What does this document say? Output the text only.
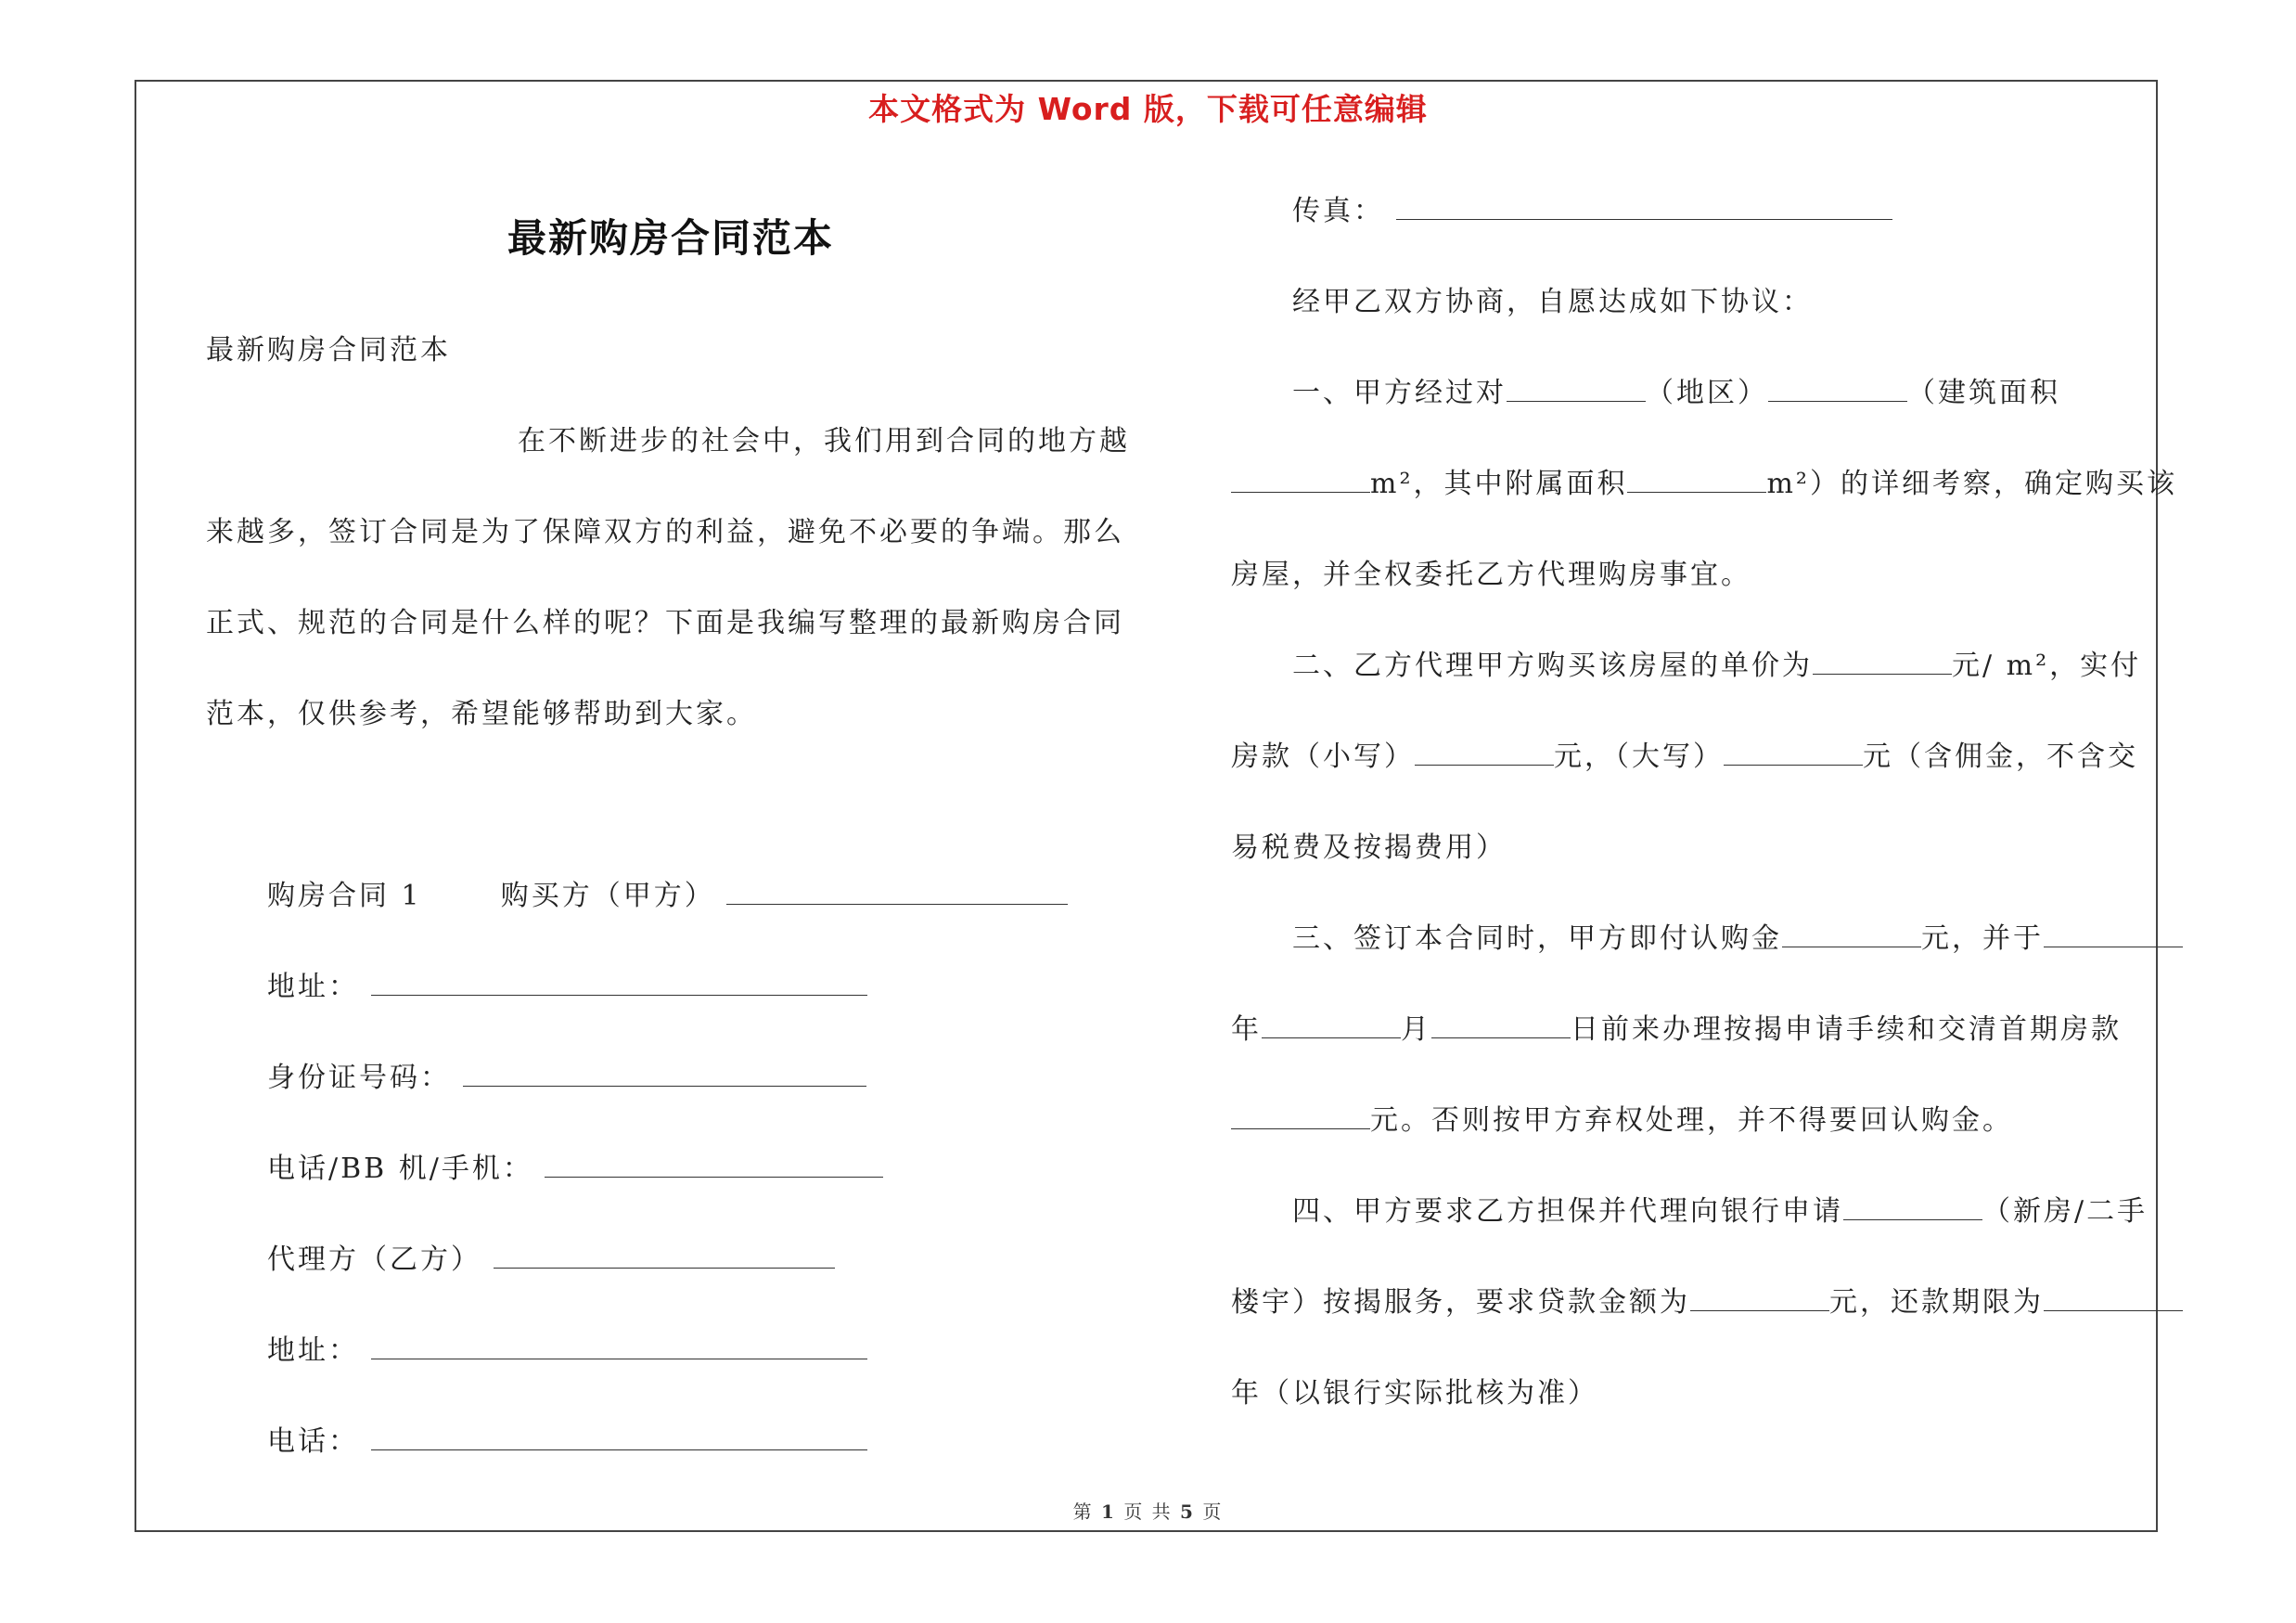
本文格式为 Word 版，下载可任意编辑
最新购房合同范本
最新购房合同范本
在不断进步的社会中，我们用到合同的地方越
来越多，签订合同是为了保障双方的利益，避免不必要的争端。那么
正式、规范的合同是什么样的呢？下面是我编写整理的最新购房合同
范本，仅供参考，希望能够帮助到大家。
购房合同 1	购买方（甲方）
地址：
身份证号码：
电话/BB 机/手机：
代理方（乙方）
地址：
电话：
传真：
经甲乙双方协商，自愿达成如下协议：
一、甲方经过对	（地区）	（建筑面积
m²，其中附属面积	m²）的详细考察，确定购买该
房屋，并全权委托乙方代理购房事宜。
二、乙方代理甲方购买该房屋的单价为	元/ m²，实付
房款（小写）	元，（大写）	元（含佣金，不含交
易税费及按揭费用）
三、签订本合同时，甲方即付认购金	元，并于
年	月	日前来办理按揭申请手续和交清首期房款
元。否则按甲方弃权处理，并不得要回认购金。
四、甲方要求乙方担保并代理向银行申请	（新房/二手
楼宇）按揭服务，要求贷款金额为	元，还款期限为
年（以银行实际批核为准）
第 1 页 共 5 页
